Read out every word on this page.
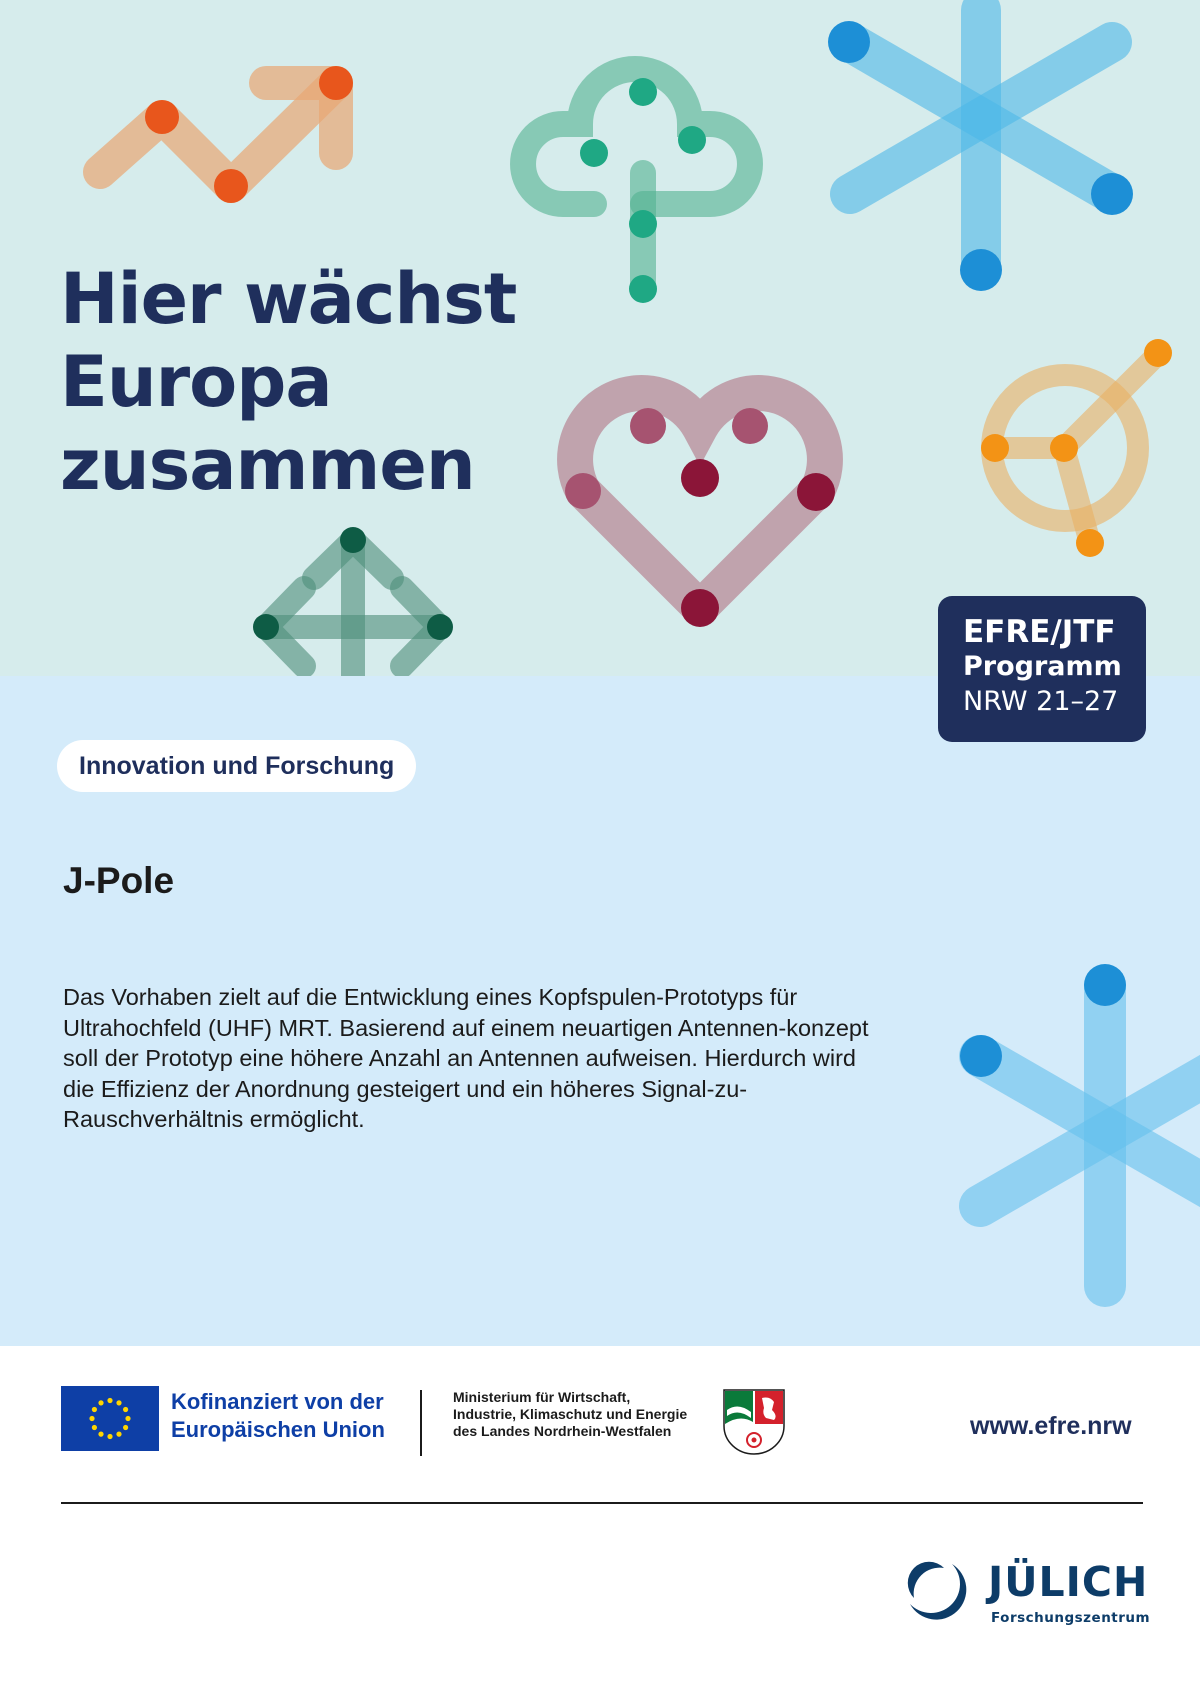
Hier wächst
Europa
zusammen
EFRE/JTF
Programm
NRW 21–27
Innovation und Forschung
J-Pole

Das Vorhaben zielt auf die Entwicklung eines Kopfspulen-Prototyps für Ultrahochfeld (UHF) MRT. Basierend auf einem neuartigen Antennen-konzept soll der Prototyp eine höhere Anzahl an Antennen aufweisen. Hierdurch wird die Effizienz der Anordnung gesteigert und ein höheres Signal-zu-Rauschverhältnis ermöglicht.

Kofinanziert von der
Europäischen Union
Ministerium für Wirtschaft,
Industrie, Klimaschutz und Energie
des Landes Nordrhein-Westfalen	www.efre.nrw
JÜLICH
Forschungszentrum
